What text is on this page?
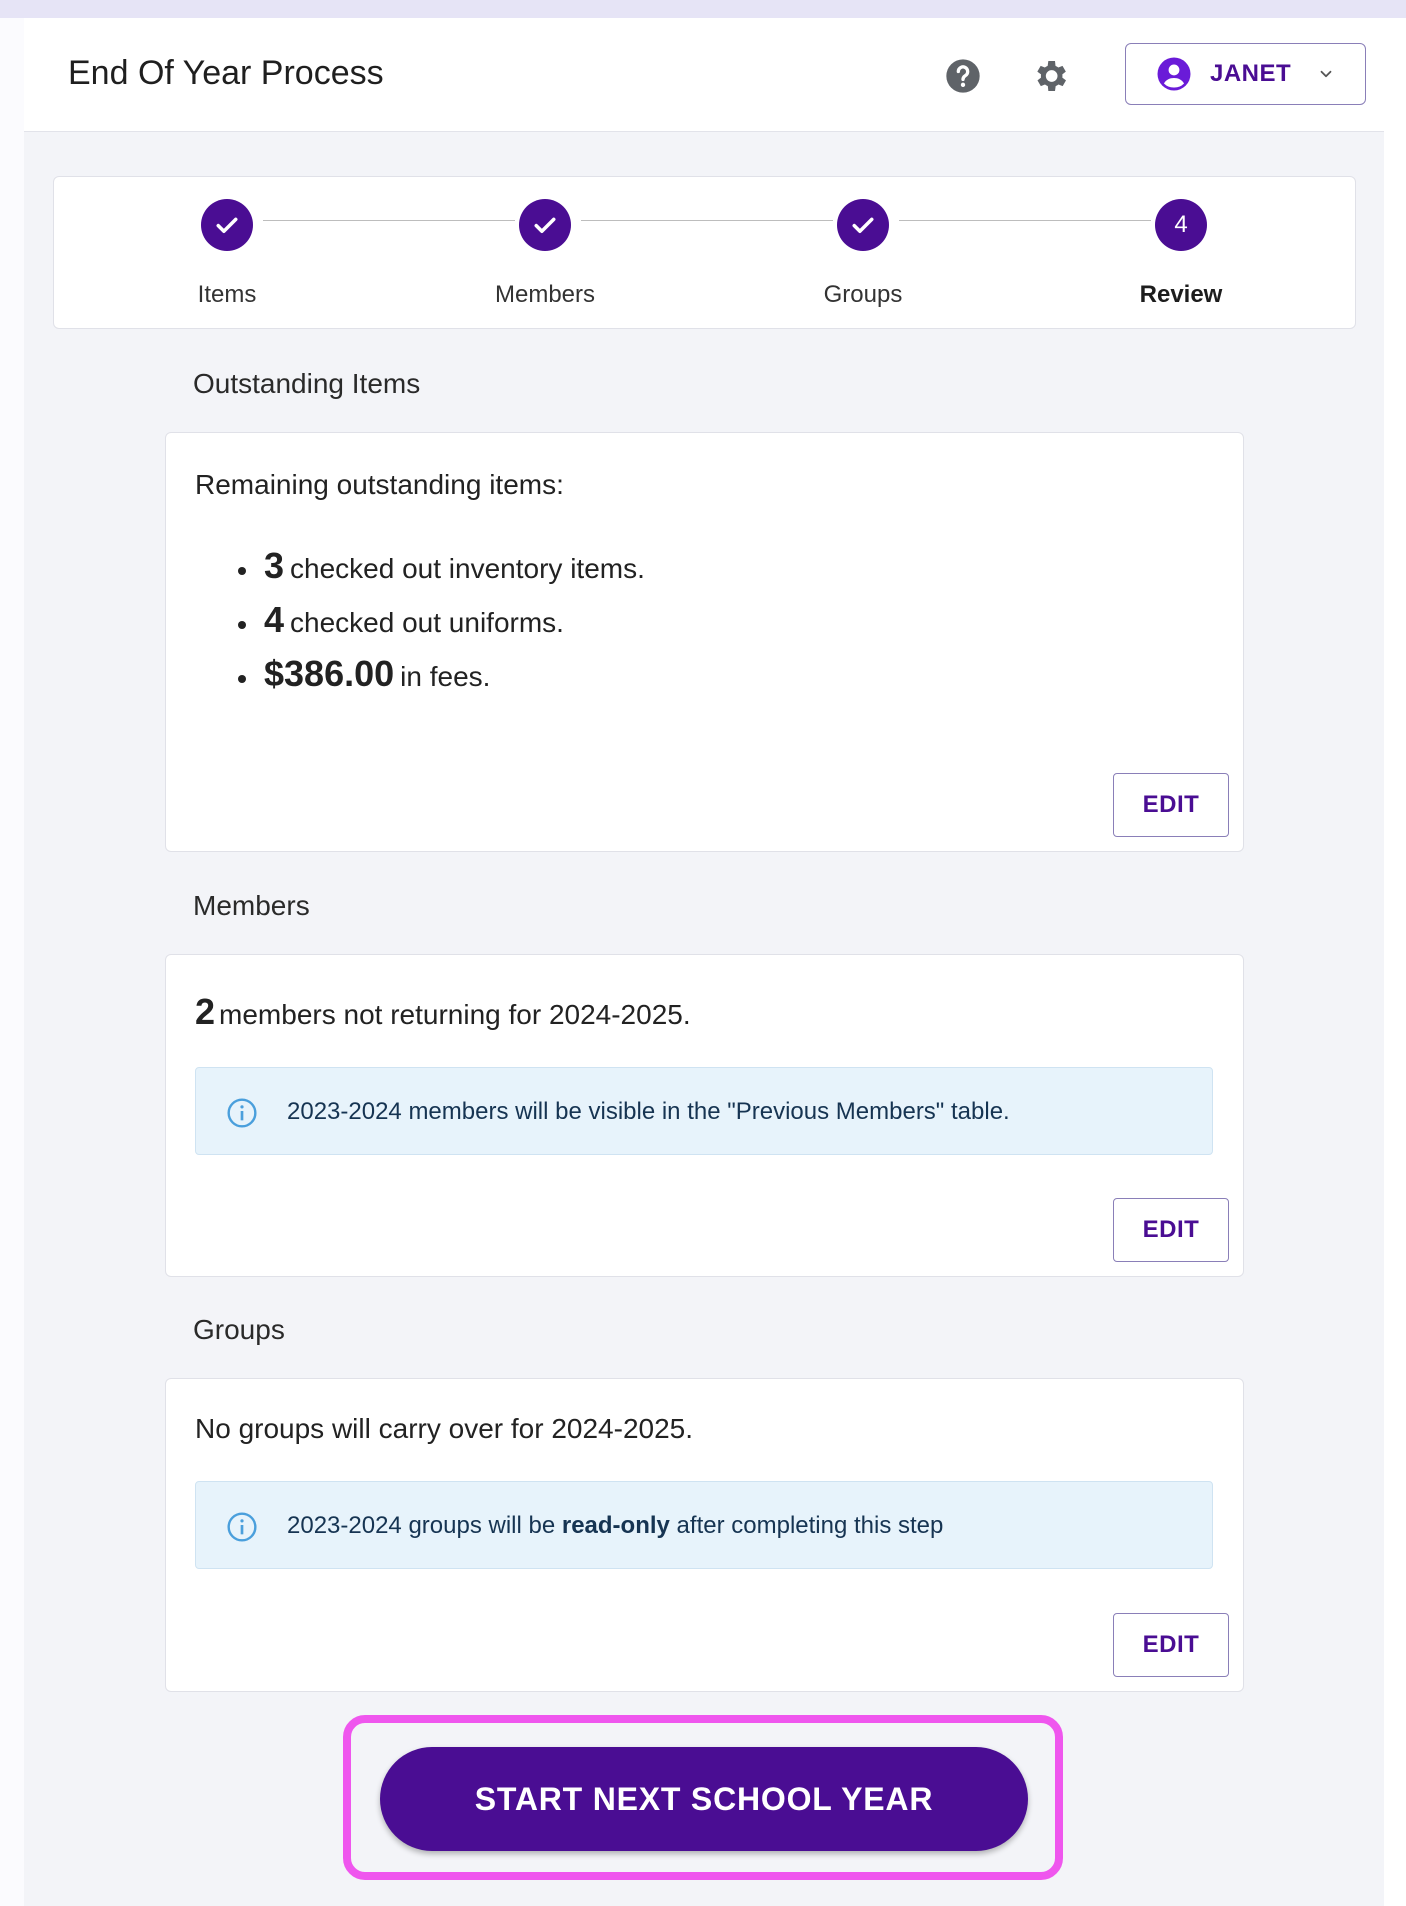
End Of Year Process	JANET
4
Items	Members	Groups	Review
Outstanding Items
Remaining outstanding items:
3 checked out inventory items.
4 checked out uniforms.
$386.00 in fees.
EDIT
Members
2 members not returning for 2024-2025.
2023-2024 members will be visible in the "Previous Members" table.
EDIT
Groups
No groups will carry over for 2024-2025.
2023-2024 groups will be read-only after completing this step
EDIT
START NEXT SCHOOL YEAR
